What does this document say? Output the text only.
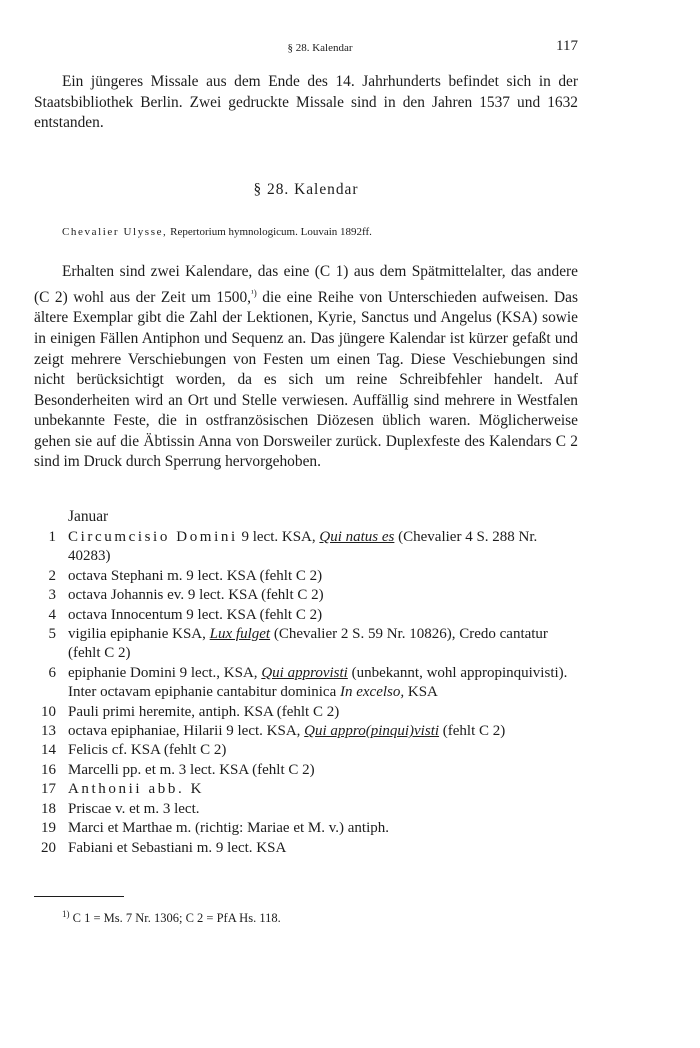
§ 28. Kalendar	117

Ein jüngeres Missale aus dem Ende des 14. Jahrhunderts befindet sich in der Staatsbibliothek Berlin. Zwei gedruckte Missale sind in den Jahren 1537 und 1632 entstanden.

§ 28. Kalendar
Chevalier Ulysse, Repertorium hymnologicum. Louvain 1892ff.

Erhalten sind zwei Kalendare, das eine (C 1) aus dem Spätmittelalter, das andere (C 2) wohl aus der Zeit um 1500,$^{^1)}$ die eine Reihe von Unterschieden aufweisen. Das ältere Exemplar gibt die Zahl der Lektionen, Kyrie, Sanctus und Angelus (KSA) sowie in einigen Fällen Antiphon und Sequenz an. Das jüngere Kalendar ist kürzer gefaßt und zeigt mehrere Verschiebungen von Festen um einen Tag. Diese Veschiebungen sind nicht berücksichtigt worden, da es sich um reine Schreibfehler handelt. Auf Besonderheiten wird an Ort und Stelle verwiesen. Auffällig sind mehrere in Westfalen unbekannte Feste, die in ostfranzösischen Diözesen üblich waren. Möglicherweise gehen sie auf die Äbtissin Anna von Dorsweiler zurück. Duplexfeste des Kalendars C 2 sind im Druck durch Sperrung hervorgehoben.

Januar
1 Circumcisio Domini 9 lect. KSA, Qui natus es (Chevalier 4 S. 288 Nr. 40283)
2 octava Stephani m. 9 lect. KSA (fehlt C 2)
3 octava Johannis ev. 9 lect. KSA (fehlt C 2)
4 octava Innocentum 9 lect. KSA (fehlt C 2)
5 vigilia epiphanie KSA, Lux fulget (Chevalier 2 S. 59 Nr. 10826), Credo cantatur (fehlt C 2)
6 epiphanie Domini 9 lect., KSA, Qui approvisti (unbekannt, wohl appropinquivisti). Inter octavam epiphanie cantabitur dominica In excelso, KSA
10 Pauli primi heremite, antiph. KSA (fehlt C 2)
13 octava epiphaniae, Hilarii 9 lect. KSA, Qui appro(pinqui)visti (fehlt C 2)
14 Felicis cf. KSA (fehlt C 2)
16 Marcelli pp. et m. 3 lect. KSA (fehlt C 2)
17 Anthonii abb. K
18 Priscae v. et m. 3 lect.
19 Marci et Marthae m. (richtig: Mariae et M. v.) antiph.
20 Fabiani et Sebastiani m. 9 lect. KSA
$^{1)}$ C 1 = Ms. 7 Nr. 1306; C 2 = PfA Hs. 118.
